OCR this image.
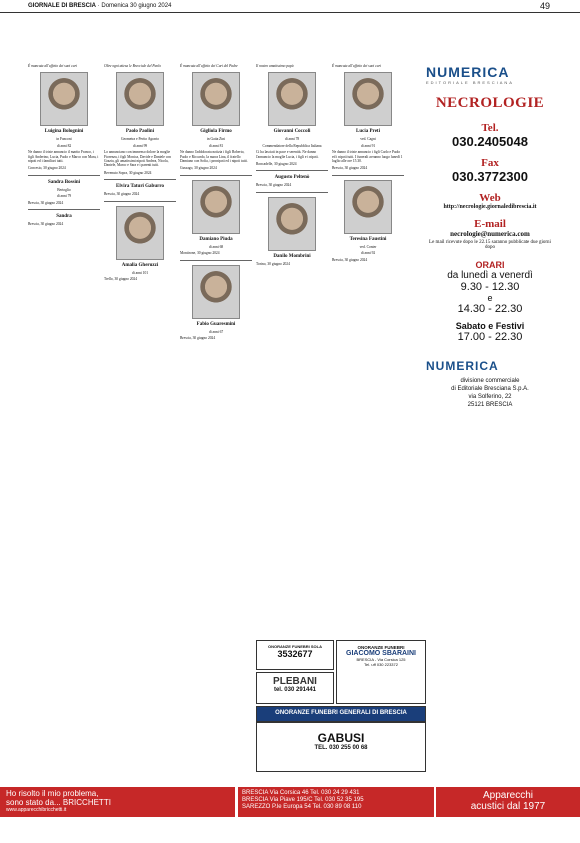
GIORNALE DI BRESCIA · Domenica 30 giugno 2024	49

È mancata all'affetto dei suoi cari

Luigina Bolognini
in Fanconi
di anni 82

Ne danno il triste annuncio il marito Franco, i figli Anderino, Lucia, Paolo e Marco con Mara, i nipoti ed i familiari tutti.

Concesio, 30 giugno 2024

Sandra Bossini
Bertoglio
di anni 79

Brescia, 30 giugno 2024

Sandra

Brescia, 30 giugno 2024

Oltre ogni attesa le Brecciale del Paolo

Paolo Paolini
Geometra e Perito Agrario
di anni 99

Lo annunciano con immenso dolore la moglie Fiorenza, i figli Monica, Davide e Daniele con Grazia, gli amatissimi nipoti Andrea, Nicola, Daniele, Marco e Sara e i parenti tutti.

Bevenuto Sopra, 30 giugno 2024

Elvira Taturi Gaburro

Brescia, 30 giugno 2024

Amalia Gheruzzi
di anni 101

Trello, 30 giugno 2024

È mancata all'affetto dei Cari del Padre

Gigliola Firmo
in Gatta Zini
di anni 81

Ne danno l'addolorata notizia i figli Roberto, Paolo e Riccardo, la nuora Lina, il fratello Damiano con Sofia, i pronipoti ed i nipoti tutti.

Gussago, 30 giugno 2024

Damiano Piuda
di anni 68

Montirone, 30 giugno 2024

Fabio Guaresmini
di anni 67

Brescia, 30 giugno 2024

Il nostro amatissimo papà

Giovanni Coccoli
di anni 78
Commendatore della Repubblica Italiana

Ci ha lasciati in pace e serenità. Ne danno l'annuncio la moglie Lucia, i figli e i nipoti.

Roncadelle, 30 giugno 2024

Augusto Peltenò

Brescia, 30 giugno 2024

Danilo Mombrini

Torino, 30 giugno 2024

È mancata all'affetto dei suoi cari

Lucia Preti
ved. Cagni
di anni 91

Ne danno il triste annuncio i figli Carlo e Paolo ed i nipoti tutti. I funerali avranno luogo lunedì 1 luglio alle ore 15.30.

Brescia, 30 giugno 2024

Teresina Faustini
ved. Conter
di anni 92

Brescia, 30 giugno 2024

ONORANZE FUNEBRI SOLA
3532677
PLEBANI
tel. 030 291441
ONORANZE FUNEBRI
GIACOMO SBARAINI
BRESCIA - Via Corsica 125
Tel. uff 030 223372
ONORANZE FUNEBRI GENERALI DI BRESCIA
GABUSI
TEL. 030 255 00 68
NUMERICA
EDITORIALE BRESCIANA
NECROLOGIE
Tel.
030.2405048
Fax
030.3772300
Web
http://necrologie.giornaledibrescia.it
E-mail
necrologie@numerica.com
Le mail ricevute dopo le 22.15 saranno pubblicate due giorni dopo
ORARI
da lunedì a venerdì
9.30 - 12.30
e
14.30 - 22.30
Sabato e Festivi
17.00 - 22.30
NUMERICA
divisione commerciale
di Editoriale Bresciana S.p.A.
via Solferino, 22
25121 BRESCIA
Ho risolto il mio problema,
sono stato da... BRICCHETTI
www.apparecchibricchetti.it
BRESCIA Via Corsica 46 Tel. 030 24 29 431
BRESCIA Via Piave 195/C Tel. 030 52 35 195
SAREZZO P.le Europa 54 Tel. 030 89 08 110
Apparecchi
acustici dal 1977
